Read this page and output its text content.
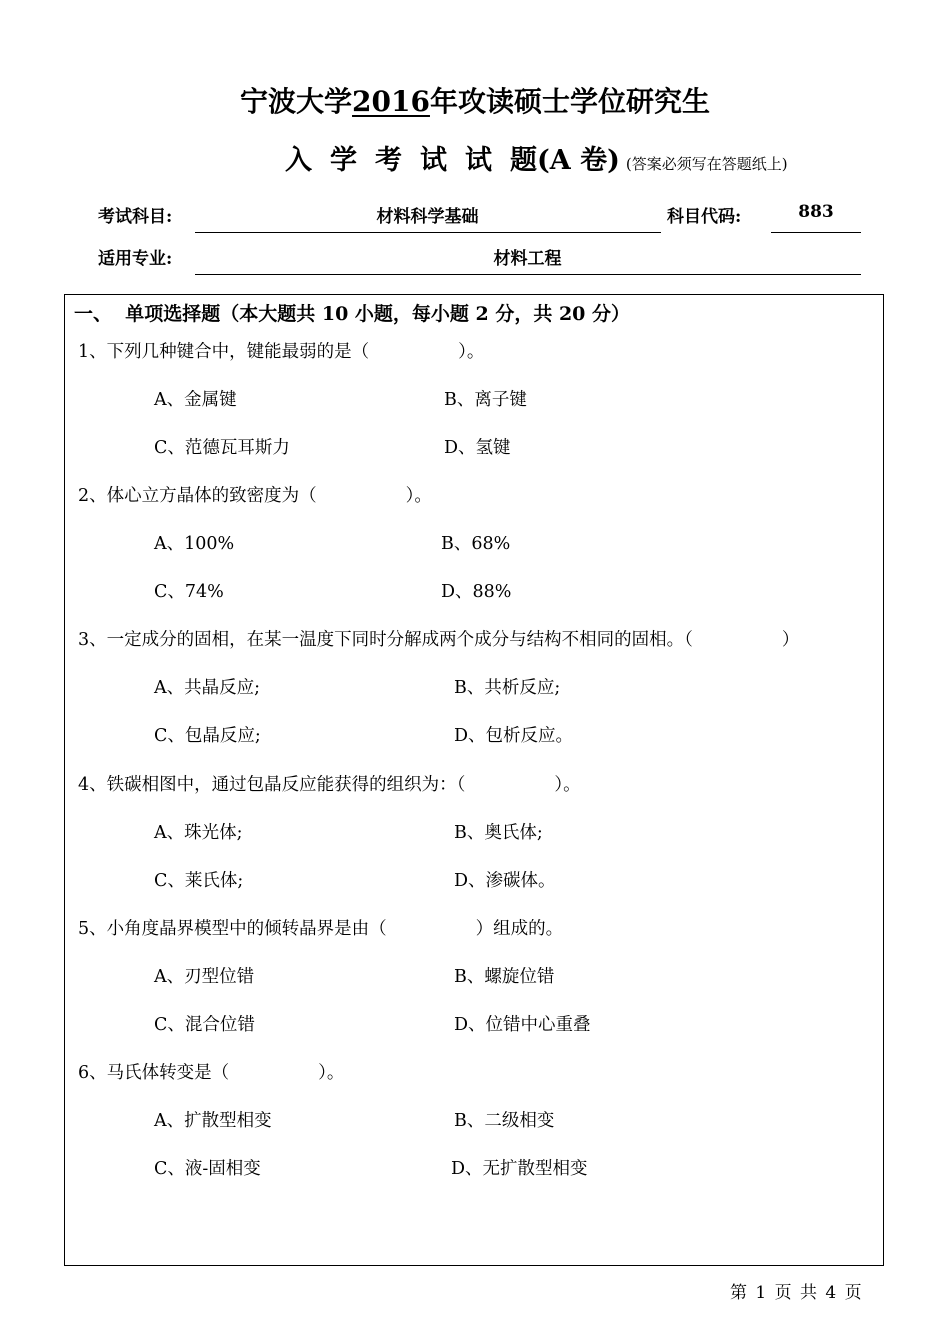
宁波大学2016年攻读硕士学位研究生
入学考试试题(A 卷) (答案必须写在答题纸上)
考试科目:	材料科学基础	科目代码:	883
适用专业:	材料工程
一、  单项选择题（本大题共 10 小题，每小题 2 分，共 20 分）
1、下列几种键合中，键能最弱的是（                ）。
A、金属键	B、离子键
C、范德瓦耳斯力	D、氢键
2、体心立方晶体的致密度为（                ）。
A、100%	B、68%
C、74%	D、88%
3、一定成分的固相，在某一温度下同时分解成两个成分与结构不相同的固相。（                ）
A、共晶反应;	B、共析反应;
C、包晶反应;	D、包析反应。
4、铁碳相图中，通过包晶反应能获得的组织为：（                ）。
A、珠光体;	B、奥氏体;
C、莱氏体;	D、渗碳体。
5、小角度晶界模型中的倾转晶界是由（                ）组成的。
A、刃型位错	B、螺旋位错
C、混合位错	D、位错中心重叠
6、马氏体转变是（                ）。
A、扩散型相变	B、二级相变
C、液-固相变	D、无扩散型相变
第 1 页 共 4 页
